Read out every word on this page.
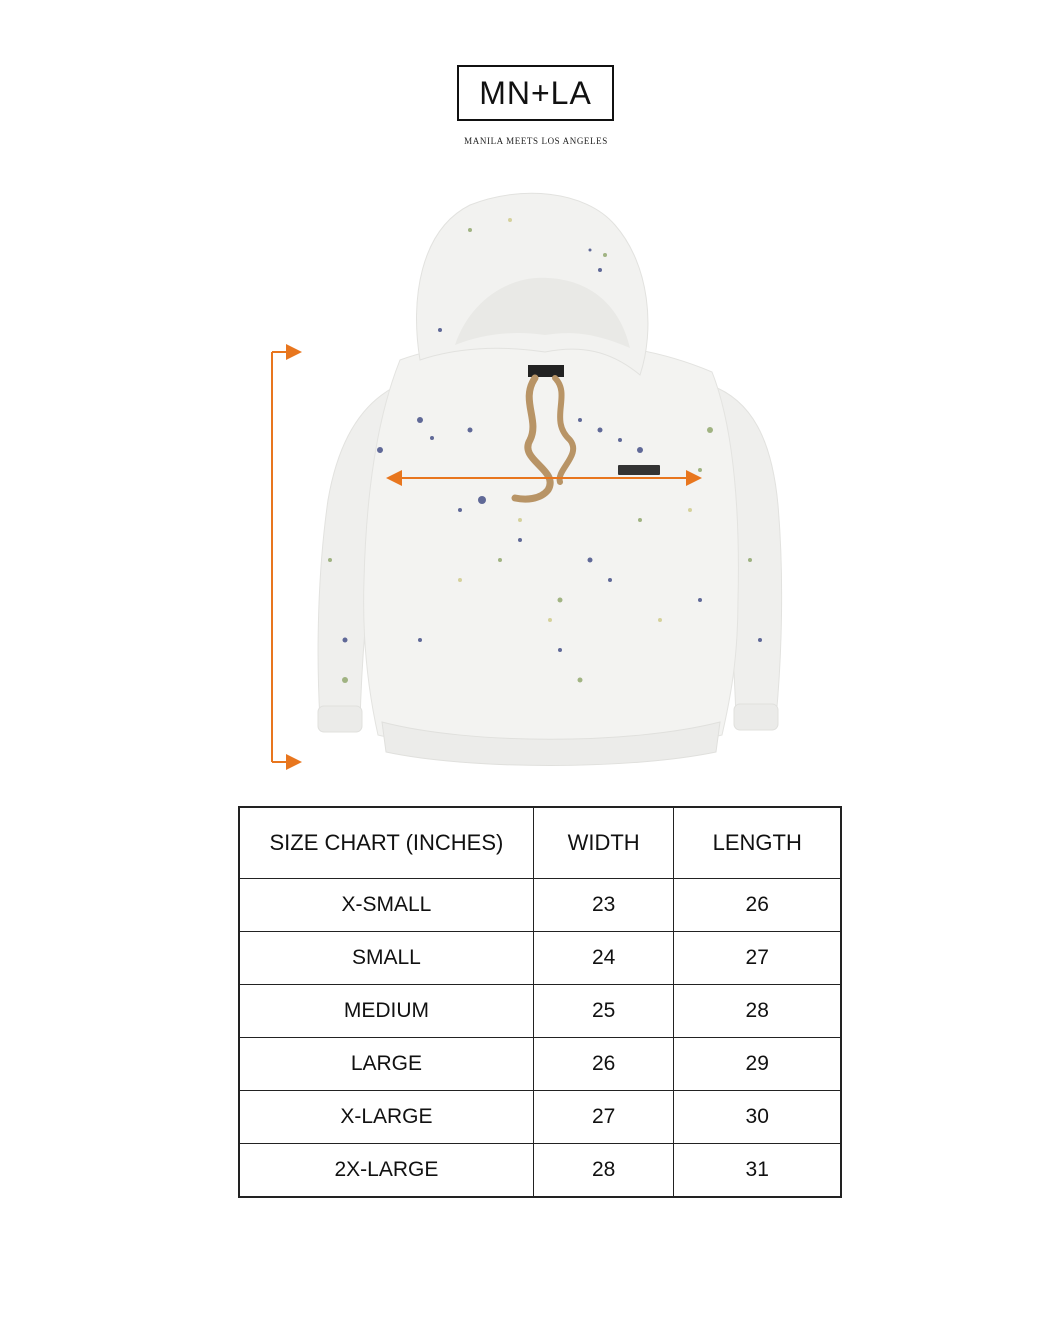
MN+LA
MANILA MEETS LOS ANGELES
SIZE CHART (INCHES)	WIDTH	LENGTH
X-SMALL	23	26
SMALL	24	27
MEDIUM	25	28
LARGE	26	29
X-LARGE	27	30
2X-LARGE	28	31
